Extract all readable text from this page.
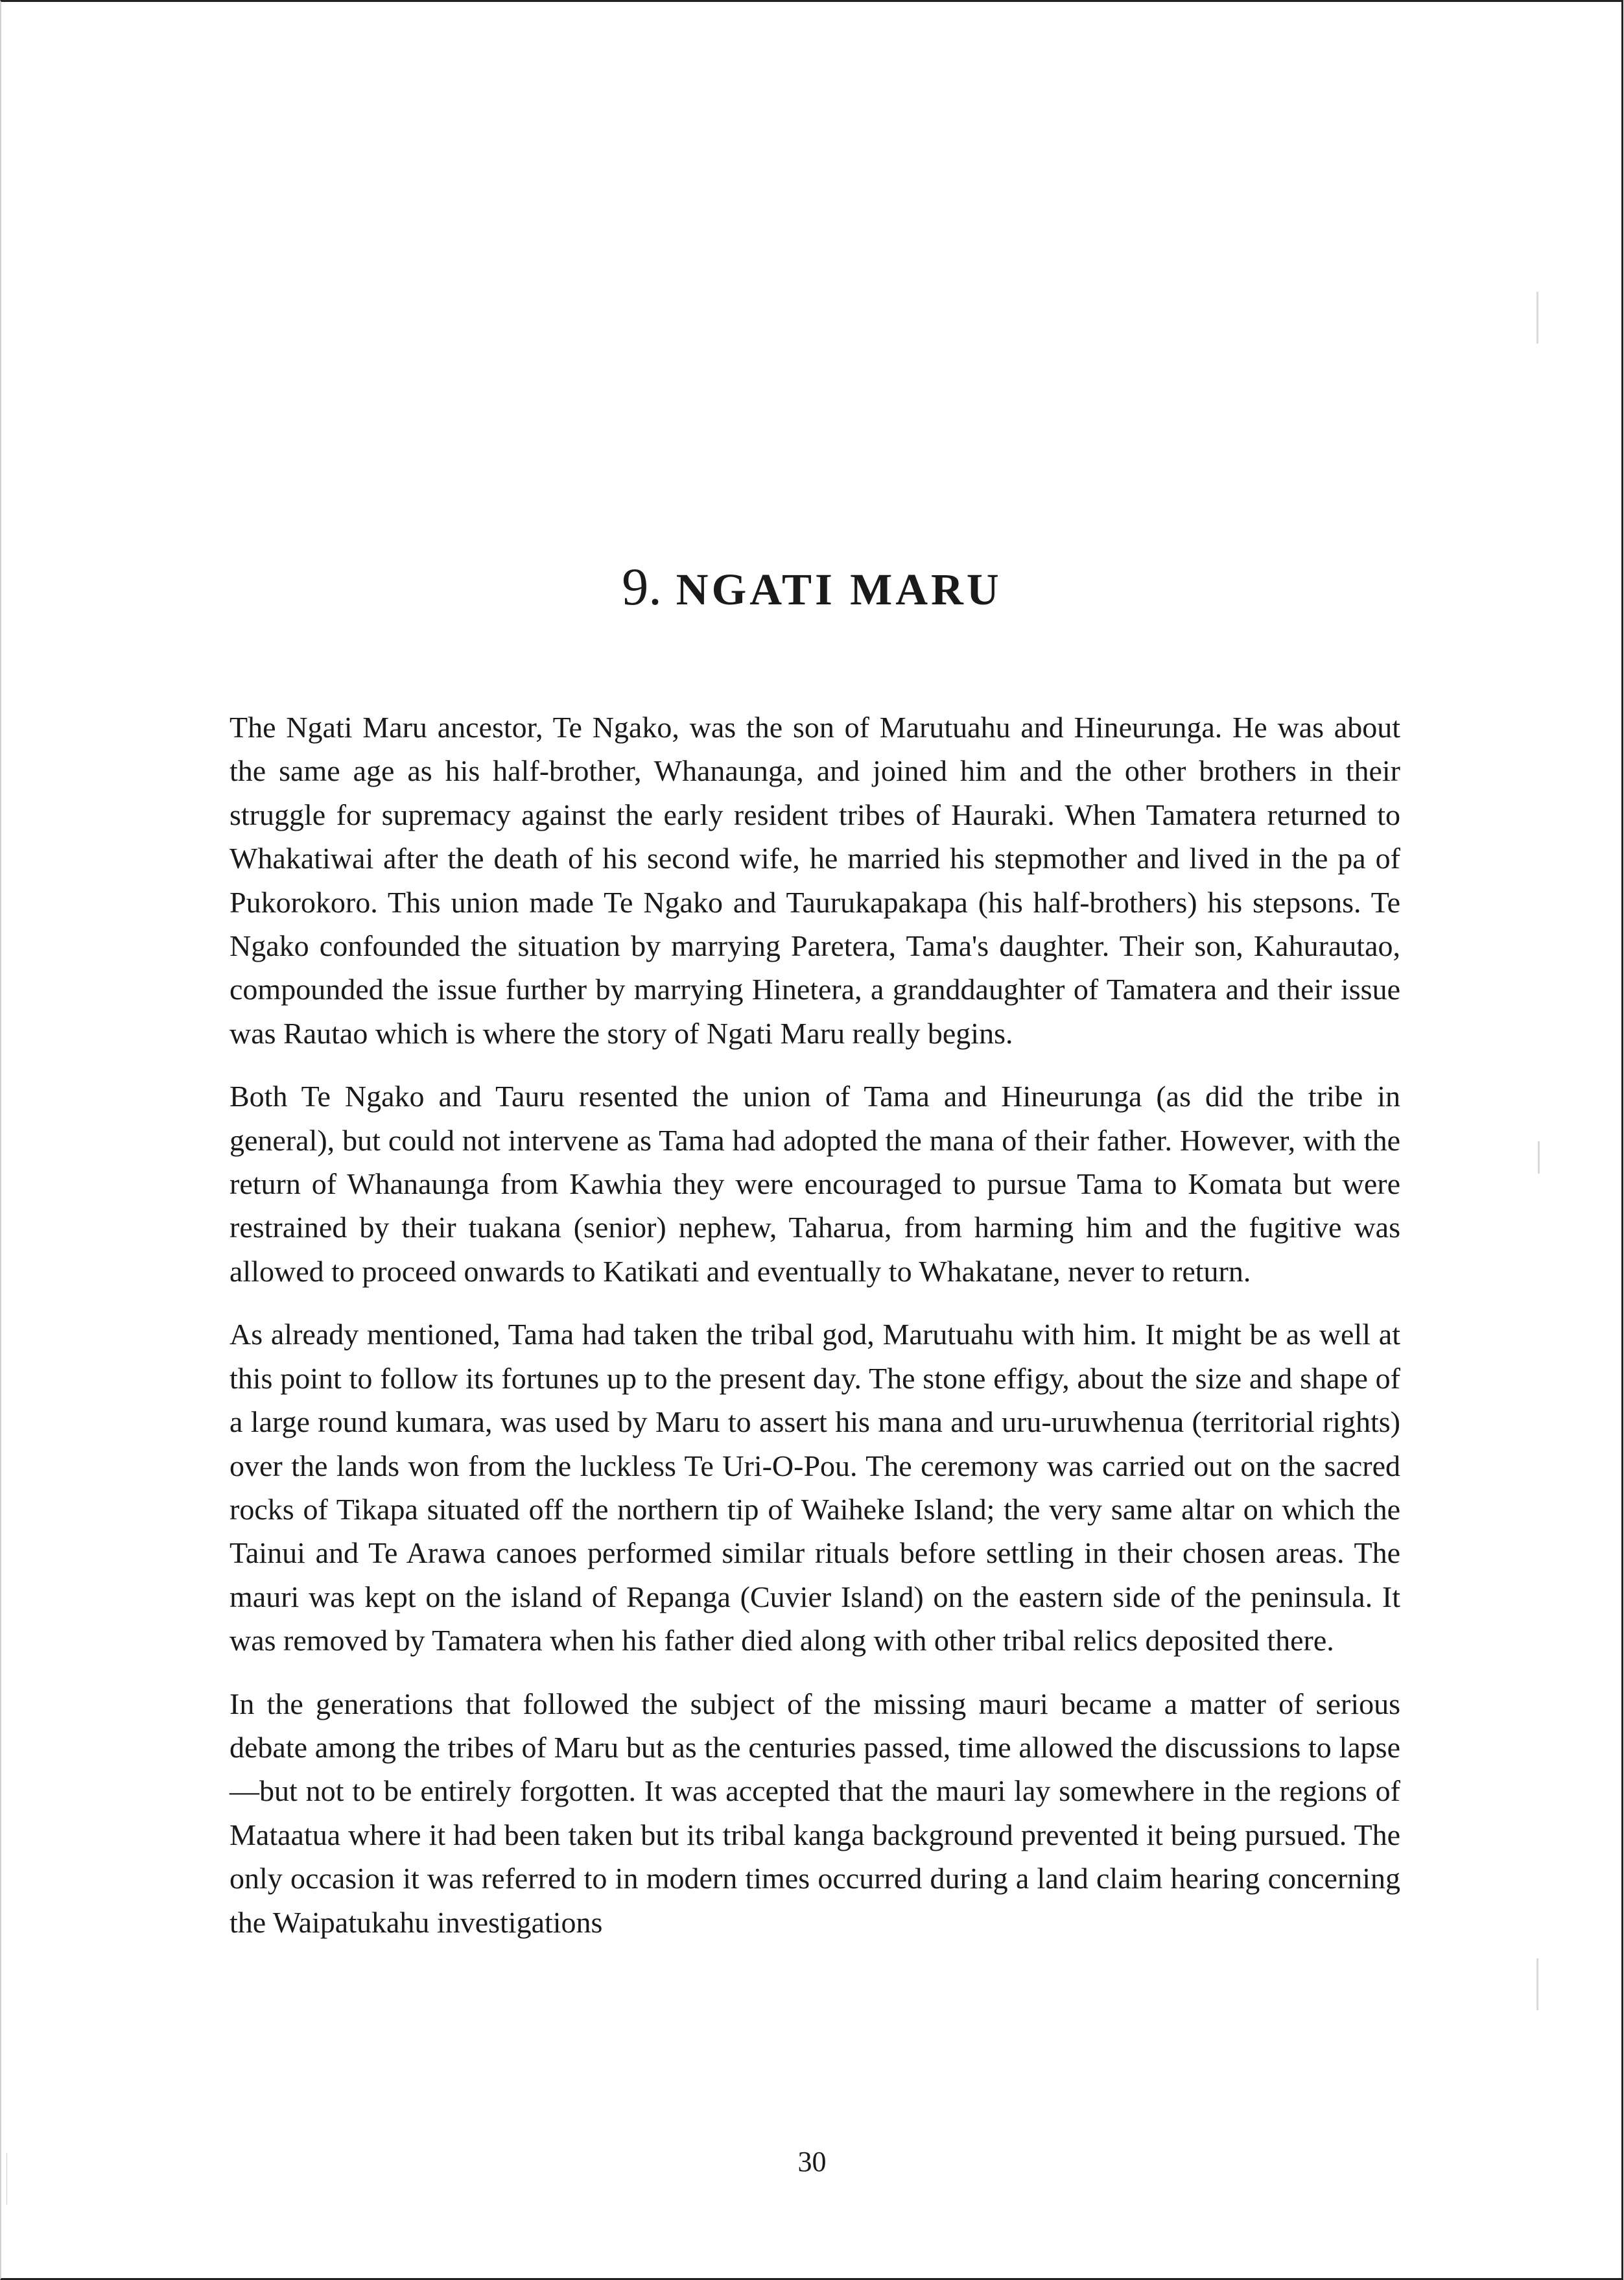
9. NGATI MARU

The Ngati Maru ancestor, Te Ngako, was the son of Marutuahu and Hineurunga. He was about the same age as his half-brother, Whanaunga, and joined him and the other brothers in their struggle for supremacy against the early resident tribes of Hauraki. When Tamatera returned to Whakatiwai after the death of his second wife, he married his stepmother and lived in the pa of Pukorokoro. This union made Te Ngako and Taurukapakapa (his half-brothers) his stepsons. Te Ngako confounded the situation by marrying Paretera, Tama's daughter. Their son, Kahurautao, compounded the issue further by marrying Hinetera, a granddaughter of Tamatera and their issue was Rautao which is where the story of Ngati Maru really begins.

Both Te Ngako and Tauru resented the union of Tama and Hineurunga (as did the tribe in general), but could not intervene as Tama had adopted the mana of their father. However, with the return of Whanaunga from Kawhia they were encouraged to pursue Tama to Komata but were restrained by their tuakana (senior) nephew, Taharua, from harming him and the fugitive was allowed to proceed onwards to Katikati and eventually to Whakatane, never to return.

As already mentioned, Tama had taken the tribal god, Marutuahu with him. It might be as well at this point to follow its fortunes up to the present day. The stone effigy, about the size and shape of a large round kumara, was used by Maru to assert his mana and uru-uruwhenua (territorial rights) over the lands won from the luckless Te Uri-O-Pou. The ceremony was carried out on the sacred rocks of Tikapa situated off the northern tip of Waiheke Island; the very same altar on which the Tainui and Te Arawa canoes performed similar rituals before settling in their chosen areas. The mauri was kept on the island of Repanga (Cuvier Island) on the eastern side of the peninsula. It was removed by Tamatera when his father died along with other tribal relics deposited there.

In the generations that followed the subject of the missing mauri became a matter of serious debate among the tribes of Maru but as the centuries passed, time allowed the discussions to lapse—but not to be entirely forgotten. It was accepted that the mauri lay somewhere in the regions of Mataatua where it had been taken but its tribal kanga background prevented it being pursued. The only occasion it was referred to in modern times occurred during a land claim hearing concerning the Waipatukahu investigations

30
